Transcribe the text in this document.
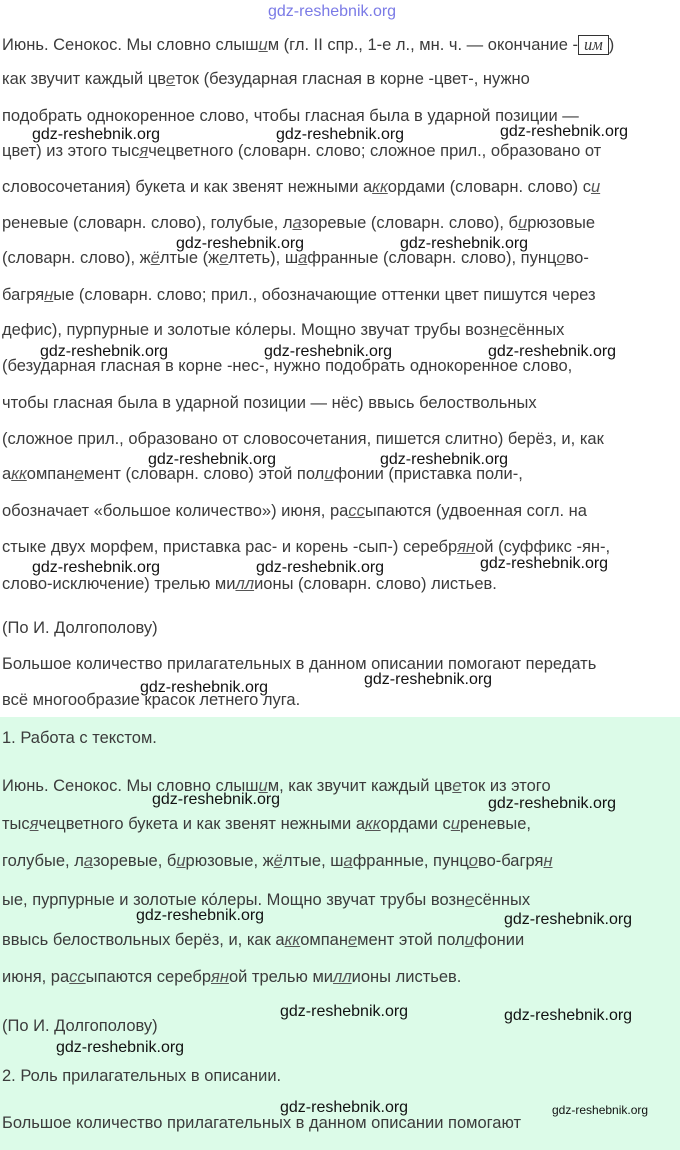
Июнь. Сенокос. Мы словно слышим (гл. II спр., 1-е л., мн. ч. — окончание - им )
как звучит каждый цветок (безударная гласная в корне -цвет-, нужно
подобрать однокоренное слово, чтобы гласная была в ударной позиции —
цвет) из этого тысячецветного (словарн. слово; сложное прил., образовано от
словосочетания) букета и как звенят нежными аккордами (словарн. слово) си
реневые (словарн. слово), голубые, лазоревые (словарн. слово), бирюзовые
(словарн. слово), жёлтые (желтеть), шафранные (словарн. слово), пунцово-
багряные (словарн. слово; прил., обозначающие оттенки цвет пишутся через
дефис), пурпурные и золотые ко́леры. Мощно звучат трубы вознесённых
(безударная гласная в корне -нес-, нужно подобрать однокоренное слово,
чтобы гласная была в ударной позиции — нёс) ввысь белоствольных
(сложное прил., образовано от словосочетания, пишется слитно) берёз, и, как
аккомпанемент (словарн. слово) этой полифонии (приставка поли-,
обозначает «большое количество») июня, рассыпаются (удвоенная согл. на
стыке двух морфем, приставка рас- и корень -сып-) серебряной (суффикс -ян-,
слово-исключение) трелью миллионы (словарн. слово) листьев.
(По И. Долгополову)
Большое количество прилагательных в данном описании помогают передать
всё многообразие красок летнего луга.
1. Работа с текстом.
Июнь. Сенокос. Мы словно слышим, как звучит каждый цветок из этого
тысячецветного букета и как звенят нежными аккордами сиреневые,
голубые, лазоревые, бирюзовые, жёлтые, шафранные, пунцово-багрян
ые, пурпурные и золотые ко́леры. Мощно звучат трубы вознесённых
ввысь белоствольных берёз, и, как аккомпанемент этой полифонии
июня, рассыпаются серебряной трелью миллионы листьев.
(По И. Долгополову)
2. Роль прилагательных в описании.
Большое количество прилагательных в данном описании помогают
gdz-reshebnik.org
gdz-reshebnik.org	gdz-reshebnik.org	gdz-reshebnik.org
gdz-reshebnik.org	gdz-reshebnik.org
gdz-reshebnik.org	gdz-reshebnik.org	gdz-reshebnik.org
gdz-reshebnik.org	gdz-reshebnik.org
gdz-reshebnik.org	gdz-reshebnik.org	gdz-reshebnik.org
gdz-reshebnik.org	gdz-reshebnik.org
gdz-reshebnik.org	gdz-reshebnik.org
gdz-reshebnik.org	gdz-reshebnik.org
gdz-reshebnik.org	gdz-reshebnik.org
gdz-reshebnik.org
gdz-reshebnik.org	gdz-reshebnik.org
